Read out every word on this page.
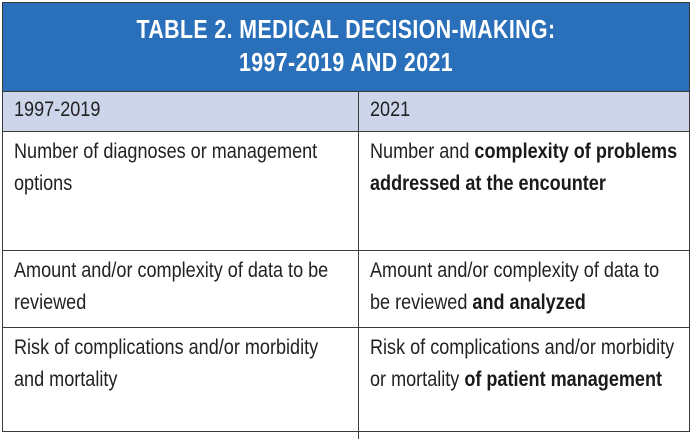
TABLE 2. MEDICAL DECISION-MAKING:
1997-2019 AND 2021
1997-2019	2021
Number of diagnoses or management options	Number and complexity of problems addressed at the encounter
Amount and/or complexity of data to be reviewed	Amount and/or complexity of data to be reviewed and analyzed
Risk of complications and/or morbidity and mortality	Risk of complications and/or morbidity or mortality of patient management
